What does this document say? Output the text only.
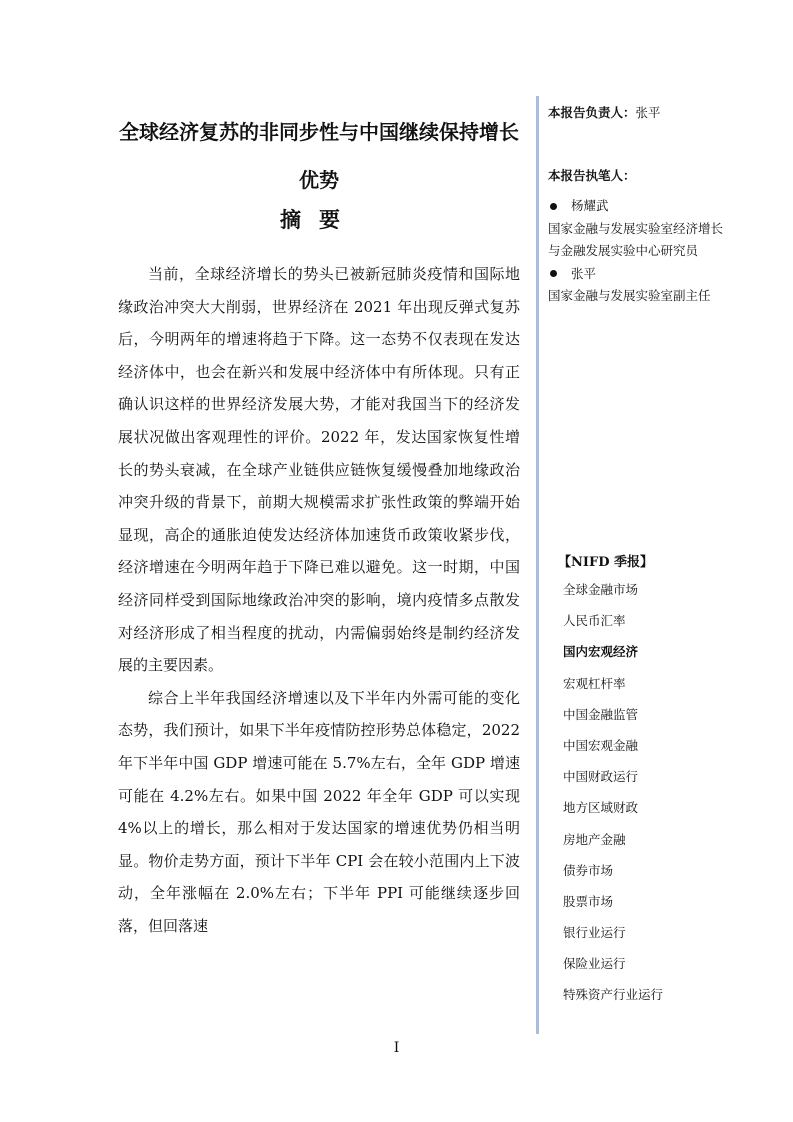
全球经济复苏的非同步性与中国继续保持增长优势
摘要

当前，全球经济增长的势头已被新冠肺炎疫情和国际地缘政治冲突大大削弱，世界经济在 2021 年出现反弹式复苏后，今明两年的增速将趋于下降。这一态势不仅表现在发达经济体中，也会在新兴和发展中经济体中有所体现。只有正确认识这样的世界经济发展大势，才能对我国当下的经济发展状况做出客观理性的评价。2022 年，发达国家恢复性增长的势头衰减，在全球产业链供应链恢复缓慢叠加地缘政治冲突升级的背景下，前期大规模需求扩张性政策的弊端开始显现，高企的通胀迫使发达经济体加速货币政策收紧步伐，经济增速在今明两年趋于下降已难以避免。这一时期，中国经济同样受到国际地缘政治冲突的影响，境内疫情多点散发对经济形成了相当程度的扰动，内需偏弱始终是制约经济发展的主要因素。

综合上半年我国经济增速以及下半年内外需可能的变化态势，我们预计，如果下半年疫情防控形势总体稳定，2022 年下半年中国 GDP 增速可能在 5.7%左右，全年 GDP 增速可能在 4.2%左右。如果中国 2022 年全年 GDP 可以实现 4%以上的增长，那么相对于发达国家的增速优势仍相当明显。物价走势方面，预计下半年 CPI 会在较小范围内上下波动，全年涨幅在 2.0%左右；下半年 PPI 可能继续逐步回落，但回落速

I
本报告负责人：张平
本报告执笔人：
杨耀武
国家金融与发展实验室经济增长与金融发展实验中心研究员
张平
国家金融与发展实验室副主任
【NIFD 季报】
全球金融市场
人民币汇率
国内宏观经济
宏观杠杆率
中国金融监管
中国宏观金融
中国财政运行
地方区域财政
房地产金融
债券市场
股票市场
银行业运行
保险业运行
特殊资产行业运行
